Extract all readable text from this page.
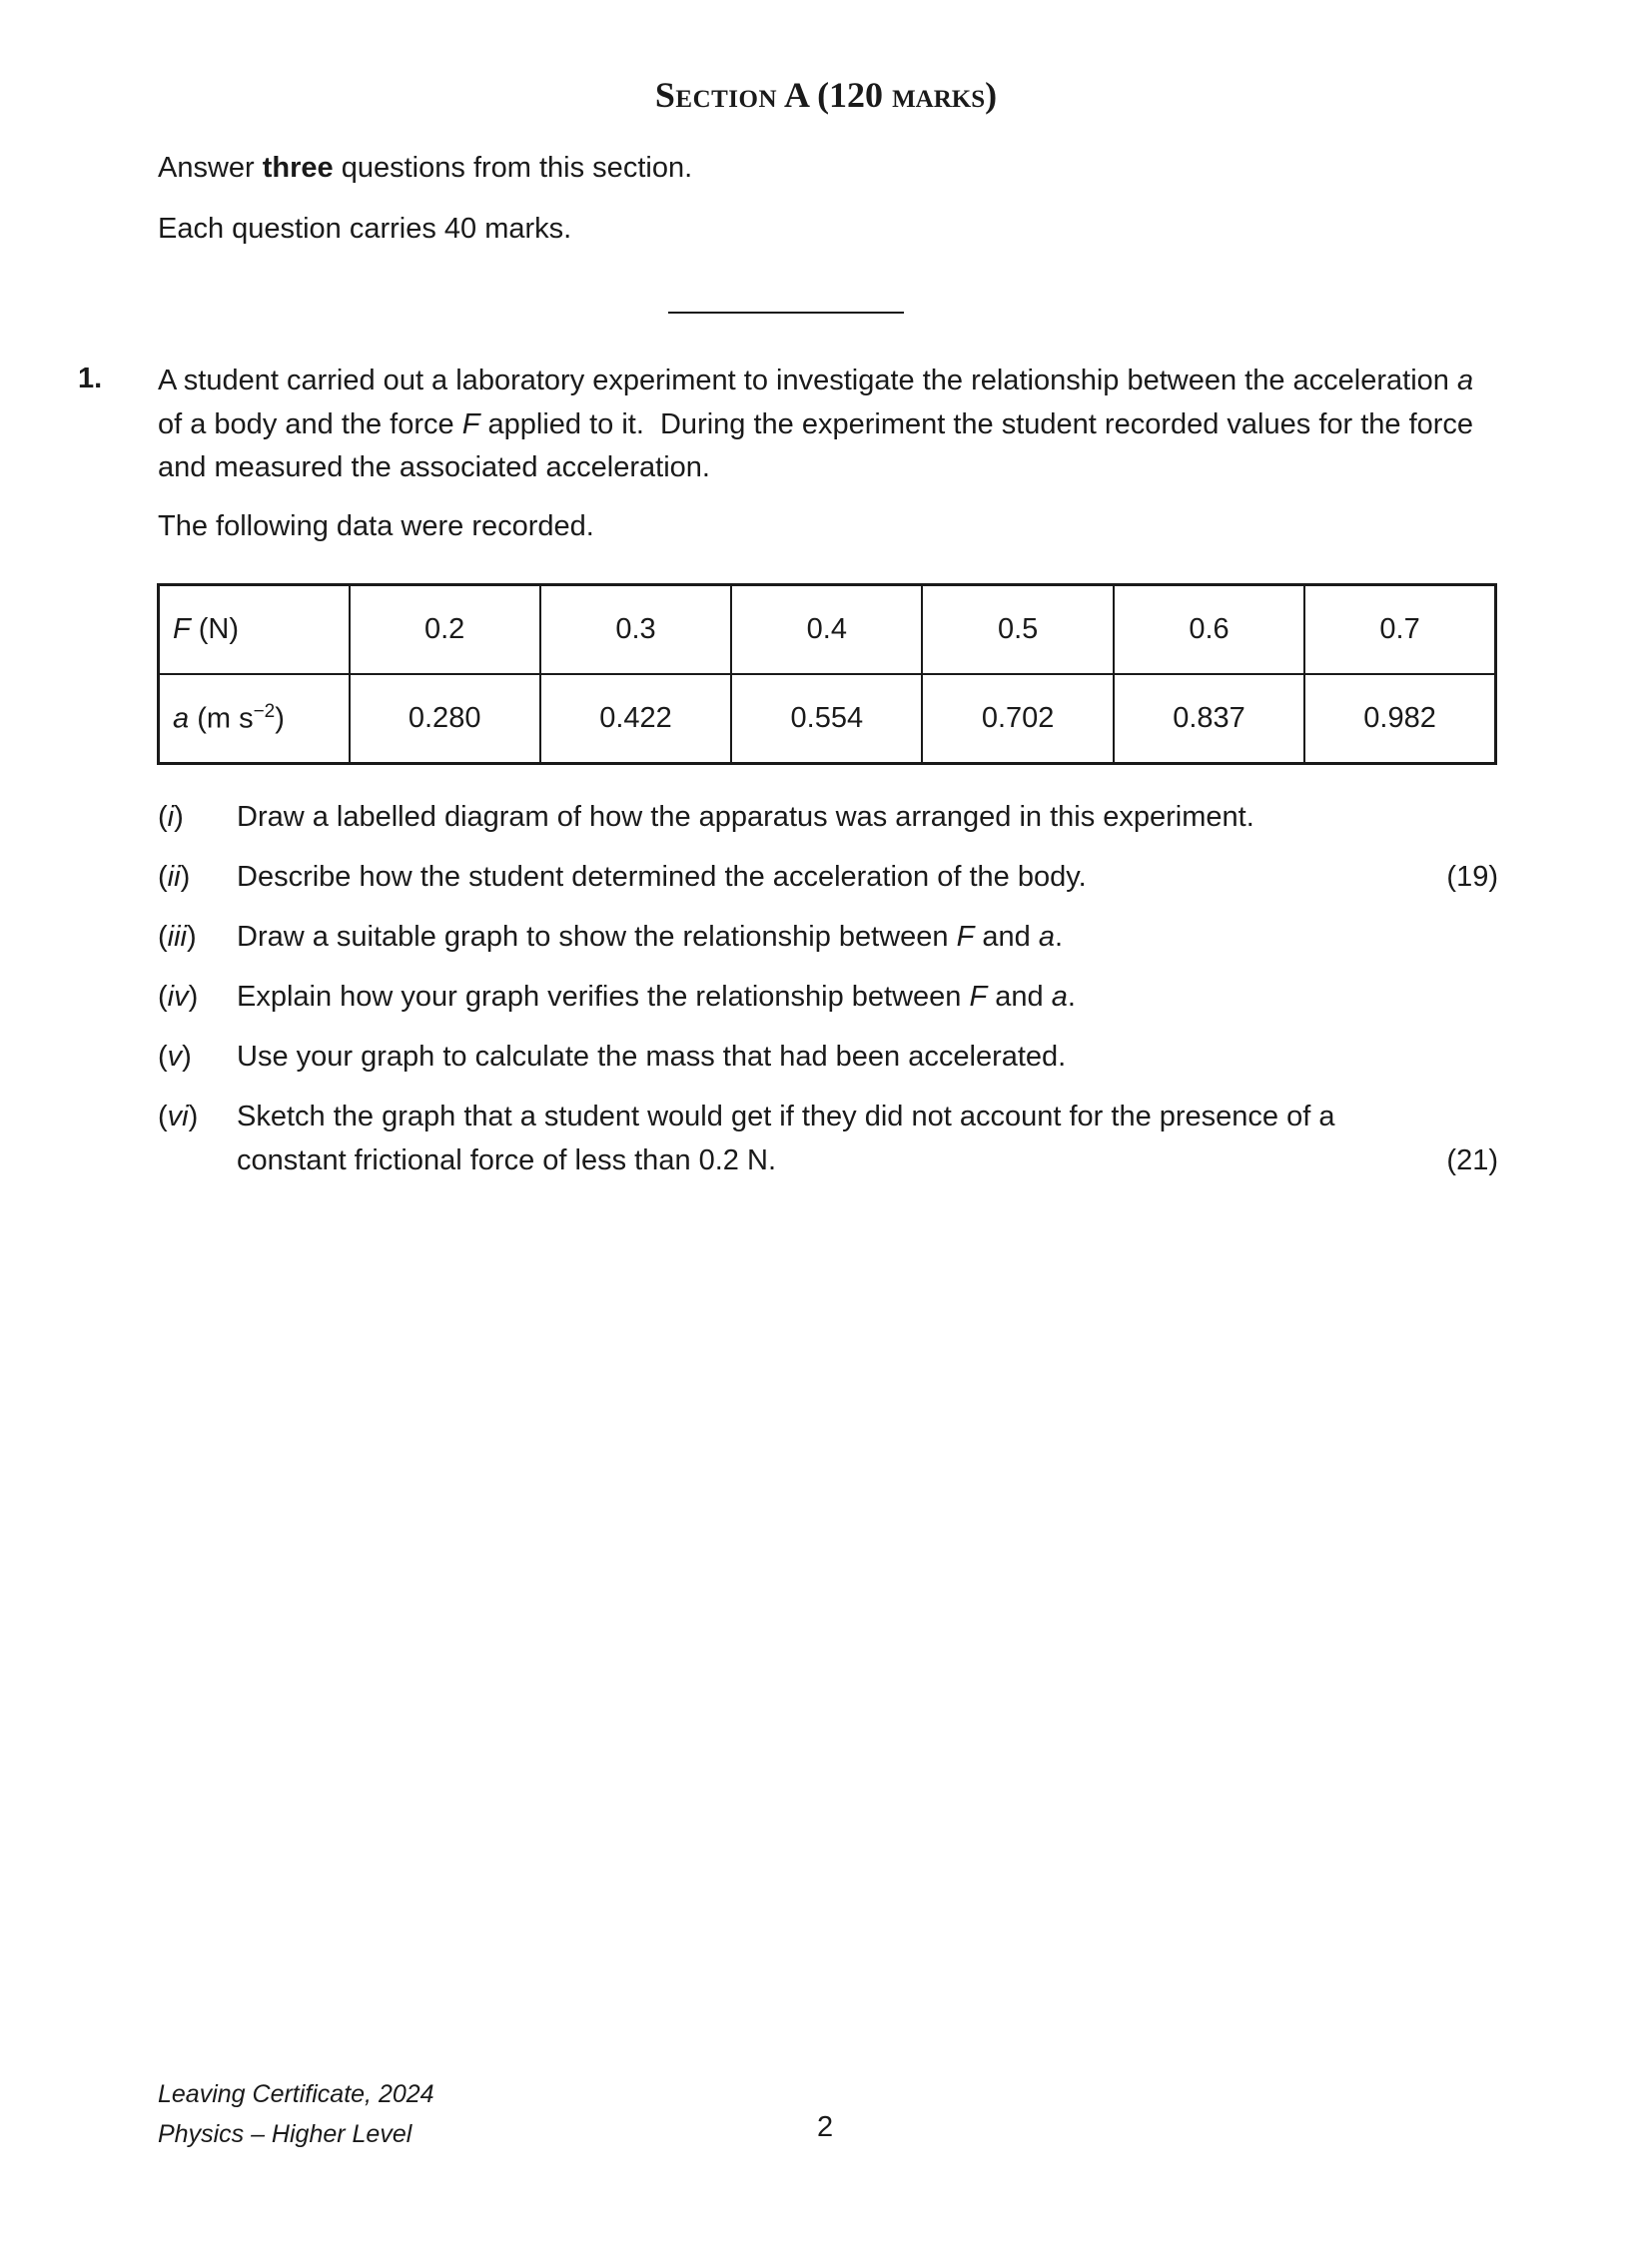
Section A (120 marks)
Answer three questions from this section.
Each question carries 40 marks.
1. A student carried out a laboratory experiment to investigate the relationship between the acceleration a of a body and the force F applied to it.  During the experiment the student recorded values for the force and measured the associated acceleration.
The following data were recorded.
F (N)	0.2	0.3	0.4	0.5	0.6	0.7
a (m $s^{-2}$)	0.280	0.422	0.554	0.702	0.837	0.982
(i) Draw a labelled diagram of how the apparatus was arranged in this experiment.
(ii) Describe how the student determined the acceleration of the body.	(19)
(iii) Draw a suitable graph to show the relationship between F and a.
(iv) Explain how your graph verifies the relationship between F and a.
(v) Use your graph to calculate the mass that had been accelerated.
(vi) Sketch the graph that a student would get if they did not account for the presence of a constant frictional force of less than 0.2 N.	(21)
Leaving Certificate, 2024
Physics – Higher Level	2
